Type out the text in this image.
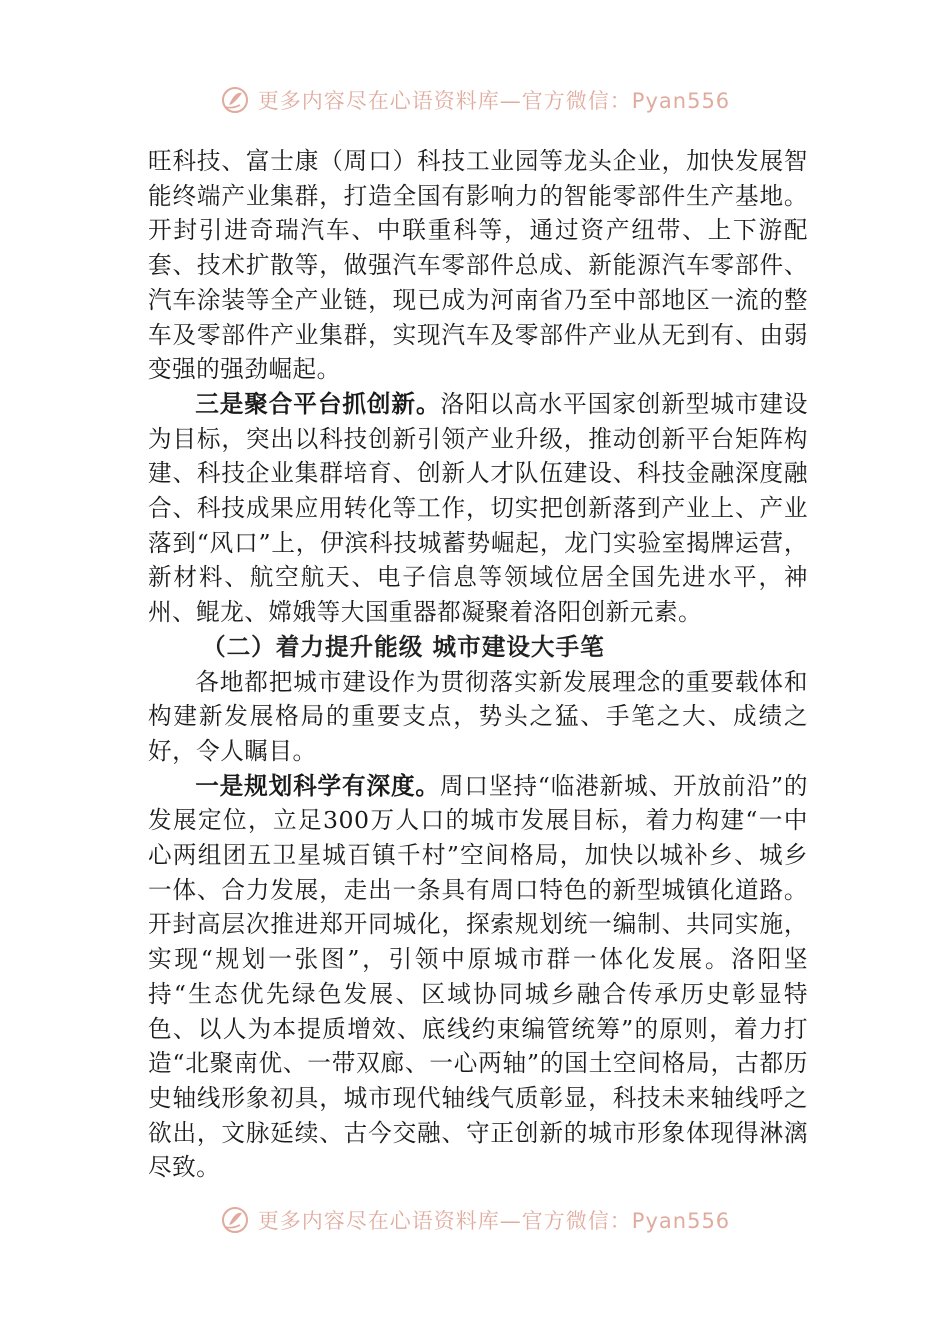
更多内容尽在心语资料库—官方微信：Pyan556

旺科技、富士康（周口）科技工业园等龙头企业，加快发展智能终端产业集群，打造全国有影响力的智能零部件生产基地。开封引进奇瑞汽车、中联重科等，通过资产纽带、上下游配套、技术扩散等，做强汽车零部件总成、新能源汽车零部件、汽车涂装等全产业链，现已成为河南省乃至中部地区一流的整车及零部件产业集群，实现汽车及零部件产业从无到有、由弱变强的强劲崛起。

三是聚合平台抓创新。洛阳以高水平国家创新型城市建设为目标，突出以科技创新引领产业升级，推动创新平台矩阵构建、科技企业集群培育、创新人才队伍建设、科技金融深度融合、科技成果应用转化等工作，切实把创新落到产业上、产业落到“风口”上，伊滨科技城蓄势崛起，龙门实验室揭牌运营，新材料、航空航天、电子信息等领域位居全国先进水平，神州、鲲龙、嫦娥等大国重器都凝聚着洛阳创新元素。

（二）着力提升能级 城市建设大手笔

各地都把城市建设作为贯彻落实新发展理念的重要载体和构建新发展格局的重要支点，势头之猛、手笔之大、成绩之好，令人瞩目。

一是规划科学有深度。周口坚持“临港新城、开放前沿”的发展定位，立足300万人口的城市发展目标，着力构建“一中心两组团五卫星城百镇千村”空间格局，加快以城补乡、城乡一体、合力发展，走出一条具有周口特色的新型城镇化道路。开封高层次推进郑开同城化，探索规划统一编制、共同实施，实现“规划一张图”，引领中原城市群一体化发展。洛阳坚持“生态优先绿色发展、区域协同城乡融合传承历史彰显特色、以人为本提质增效、底线约束编管统筹”的原则，着力打造“北聚南优、一带双廊、一心两轴”的国土空间格局，古都历史轴线形象初具，城市现代轴线气质彰显，科技未来轴线呼之欲出，文脉延续、古今交融、守正创新的城市形象体现得淋漓尽致。

更多内容尽在心语资料库—官方微信：Pyan556
